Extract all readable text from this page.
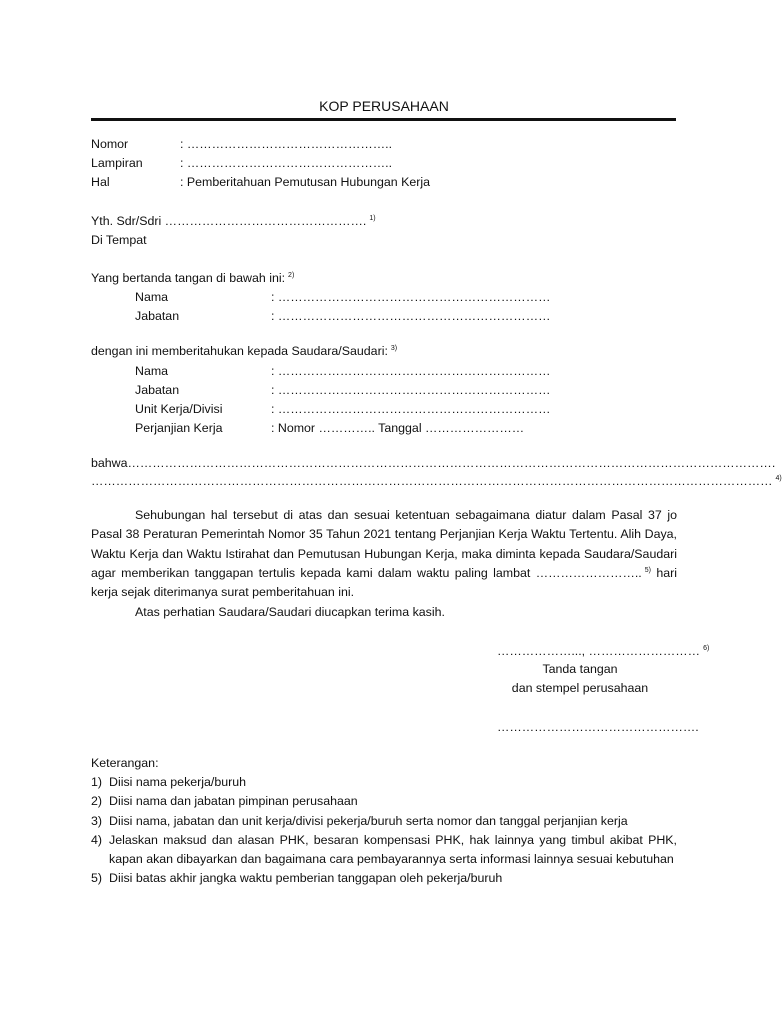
KOP PERUSAHAAN
Nomor	: …………………………………………..
Lampiran	: …………………………………………..
Hal	: Pemberitahuan Pemutusan Hubungan Kerja
Yth. Sdr/Sdri …………………………………………. $^{1)}$
Di Tempat
Yang bertanda tangan di bawah ini: $^{2)}$
Nama	: …………………………………………………………
Jabatan	: …………………………………………………………
dengan ini memberitahukan kepada Saudara/Saudari: $^{3)}$
Nama	: …………………………………………………………
Jabatan	: …………………………………………………………
Unit Kerja/Divisi	: …………………………………………………………
Perjanjian Kerja	: Nomor ………….. Tanggal ……………………
bahwa………………………………………………………………………………………………………………………………………….
………………………………………………………………………………………………………………………………………………… $^{4)}$
Sehubungan hal tersebut di atas dan sesuai ketentuan sebagaimana diatur dalam Pasal 37 jo Pasal 38 Peraturan Pemerintah Nomor 35 Tahun 2021 tentang Perjanjian Kerja Waktu Tertentu. Alih Daya, Waktu Kerja dan Waktu Istirahat dan Pemutusan Hubungan Kerja, maka diminta kepada Saudara/Saudari agar memberikan tanggapan tertulis kepada kami dalam waktu paling lambat …………………….. $^{5)}$ hari kerja sejak diterimanya surat pemberitahuan ini.
Atas perhatian Saudara/Saudari diucapkan terima kasih.
………………..., ……………………… $^{6)}$
Tanda tangan
dan stempel perusahaan
………………………………………….
Keterangan:
1) Diisi nama pekerja/buruh
2) Diisi nama dan jabatan pimpinan perusahaan
3) Diisi nama, jabatan dan unit kerja/divisi pekerja/buruh serta nomor dan tanggal perjanjian kerja
4) Jelaskan maksud dan alasan PHK, besaran kompensasi PHK, hak lainnya yang timbul akibat PHK, kapan akan dibayarkan dan bagaimana cara pembayarannya serta informasi lainnya sesuai kebutuhan
5) Diisi batas akhir jangka waktu pemberian tanggapan oleh pekerja/buruh
